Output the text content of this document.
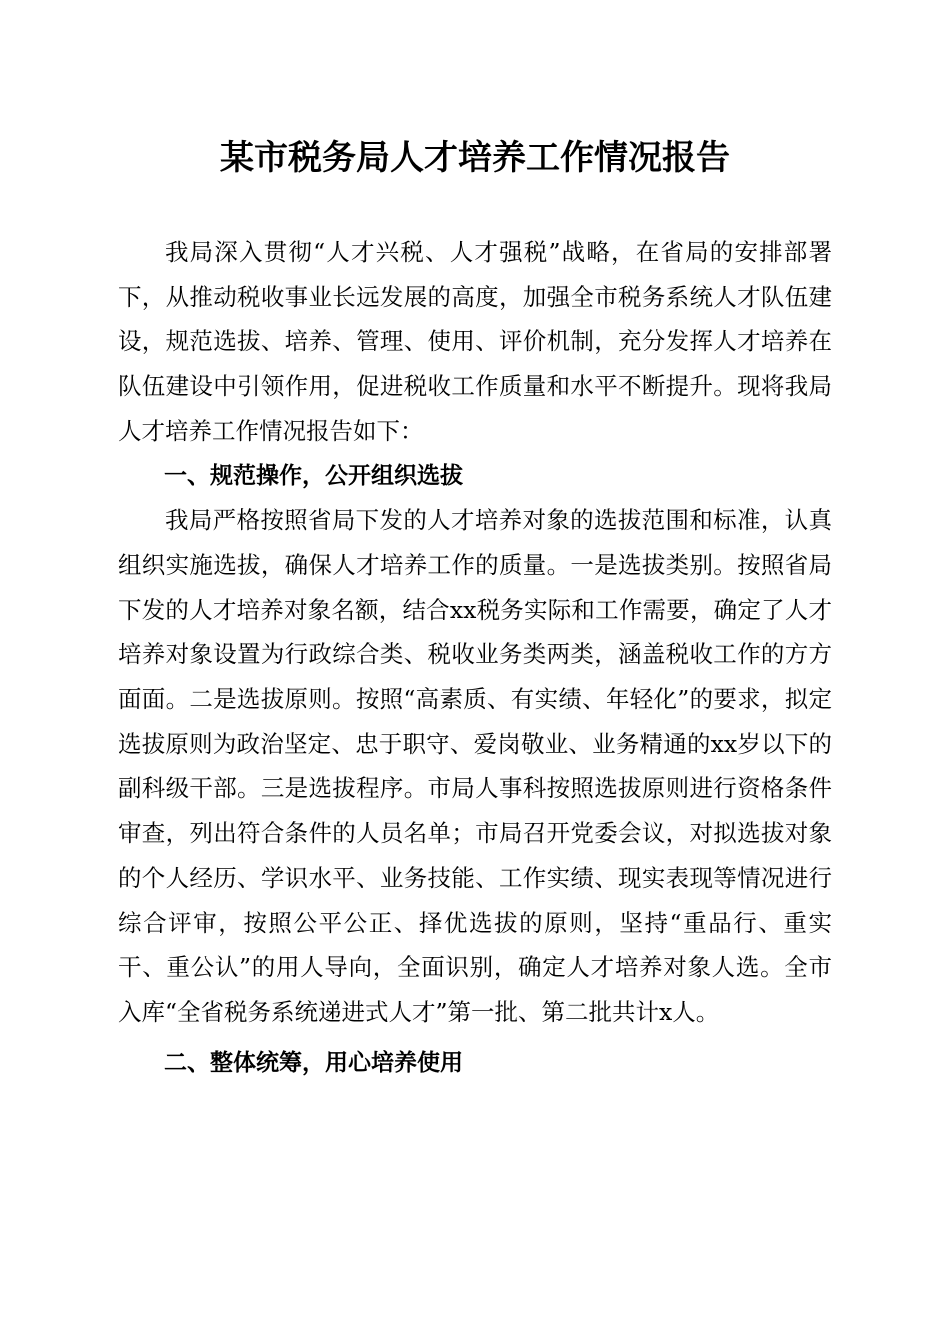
某市税务局人才培养工作情况报告

我局深入贯彻“人才兴税、人才强税”战略，在省局的安排部署下，从推动税收事业长远发展的高度，加强全市税务系统人才队伍建设，规范选拔、培养、管理、使用、评价机制，充分发挥人才培养在队伍建设中引领作用，促进税收工作质量和水平不断提升。现将我局人才培养工作情况报告如下：

一、规范操作，公开组织选拔

我局严格按照省局下发的人才培养对象的选拔范围和标准，认真组织实施选拔，确保人才培养工作的质量。一是选拔类别。按照省局下发的人才培养对象名额，结合xx税务实际和工作需要，确定了人才培养对象设置为行政综合类、税收业务类两类，涵盖税收工作的方方面面。二是选拔原则。按照“高素质、有实绩、年轻化”的要求，拟定选拔原则为政治坚定、忠于职守、爱岗敬业、业务精通的xx岁以下的副科级干部。三是选拔程序。市局人事科按照选拔原则进行资格条件审查，列出符合条件的人员名单；市局召开党委会议，对拟选拔对象的个人经历、学识水平、业务技能、工作实绩、现实表现等情况进行综合评审，按照公平公正、择优选拔的原则，坚持“重品行、重实干、重公认”的用人导向，全面识别，确定人才培养对象人选。全市入库“全省税务系统递进式人才”第一批、第二批共计x人。

二、整体统筹，用心培养使用
